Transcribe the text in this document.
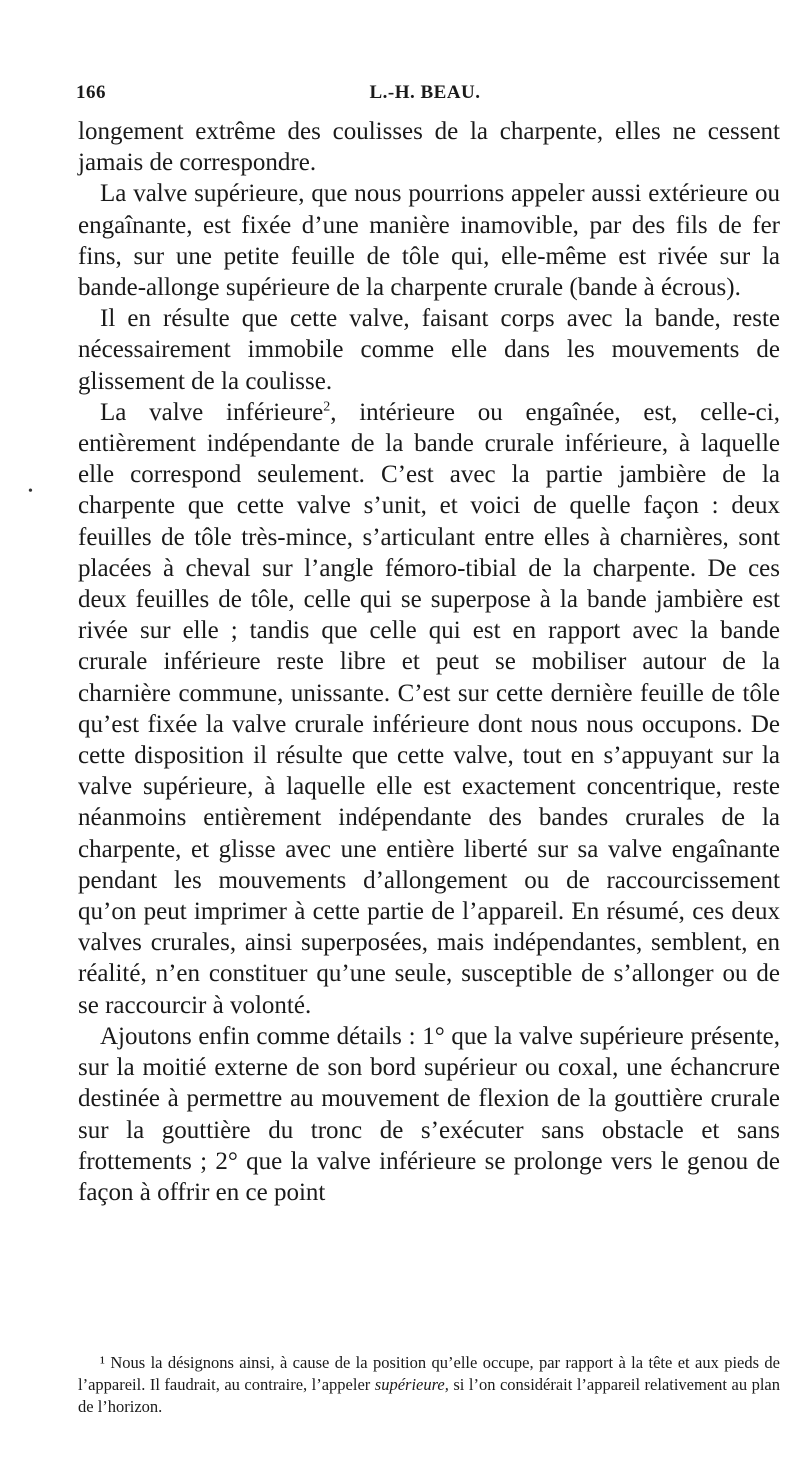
166	L.-H. BEAU.
•

longement extrême des coulisses de la charpente, elles ne cessent jamais de correspondre.

La valve supérieure, que nous pourrions appeler aussi extérieure ou engaînante, est fixée d’une manière inamovible, par des fils de fer fins, sur une petite feuille de tôle qui, elle-même est rivée sur la bande-allonge supérieure de la charpente crurale (bande à écrous).

Il en résulte que cette valve, faisant corps avec la bande, reste nécessairement immobile comme elle dans les mouvements de glissement de la coulisse.

La valve inférieure$^2$, intérieure ou engaînée, est, celle-ci, entièrement indépendante de la bande crurale inférieure, à laquelle elle correspond seulement. C’est avec la partie jambière de la charpente que cette valve s’unit, et voici de quelle façon : deux feuilles de tôle très-mince, s’articulant entre elles à charnières, sont placées à cheval sur l’angle fémoro-tibial de la charpente. De ces deux feuilles de tôle, celle qui se superpose à la bande jambière est rivée sur elle ; tandis que celle qui est en rapport avec la bande crurale inférieure reste libre et peut se mobiliser autour de la charnière commune, unissante. C’est sur cette dernière feuille de tôle qu’est fixée la valve crurale inférieure dont nous nous occupons. De cette disposition il résulte que cette valve, tout en s’appuyant sur la valve supérieure, à laquelle elle est exactement concentrique, reste néanmoins entièrement indépendante des bandes crurales de la charpente, et glisse avec une entière liberté sur sa valve engaînante pendant les mouvements d’allongement ou de raccourcissement qu’on peut imprimer à cette partie de l’appareil. En résumé, ces deux valves crurales, ainsi superposées, mais indépendantes, semblent, en réalité, n’en constituer qu’une seule, susceptible de s’allonger ou de se raccourcir à volonté.

Ajoutons enfin comme détails : 1° que la valve supérieure présente, sur la moitié externe de son bord supérieur ou coxal, une échancrure destinée à permettre au mouvement de flexion de la gouttière crurale sur la gouttière du tronc de s’exécuter sans obstacle et sans frottements ; 2° que la valve inférieure se prolonge vers le genou de façon à offrir en ce point

¹ Nous la désignons ainsi, à cause de la position qu’elle occupe, par rapport à la tête et aux pieds de l’appareil. Il faudrait, au contraire, l’appeler supérieure, si l’on considérait l’appareil relativement au plan de l’horizon.
